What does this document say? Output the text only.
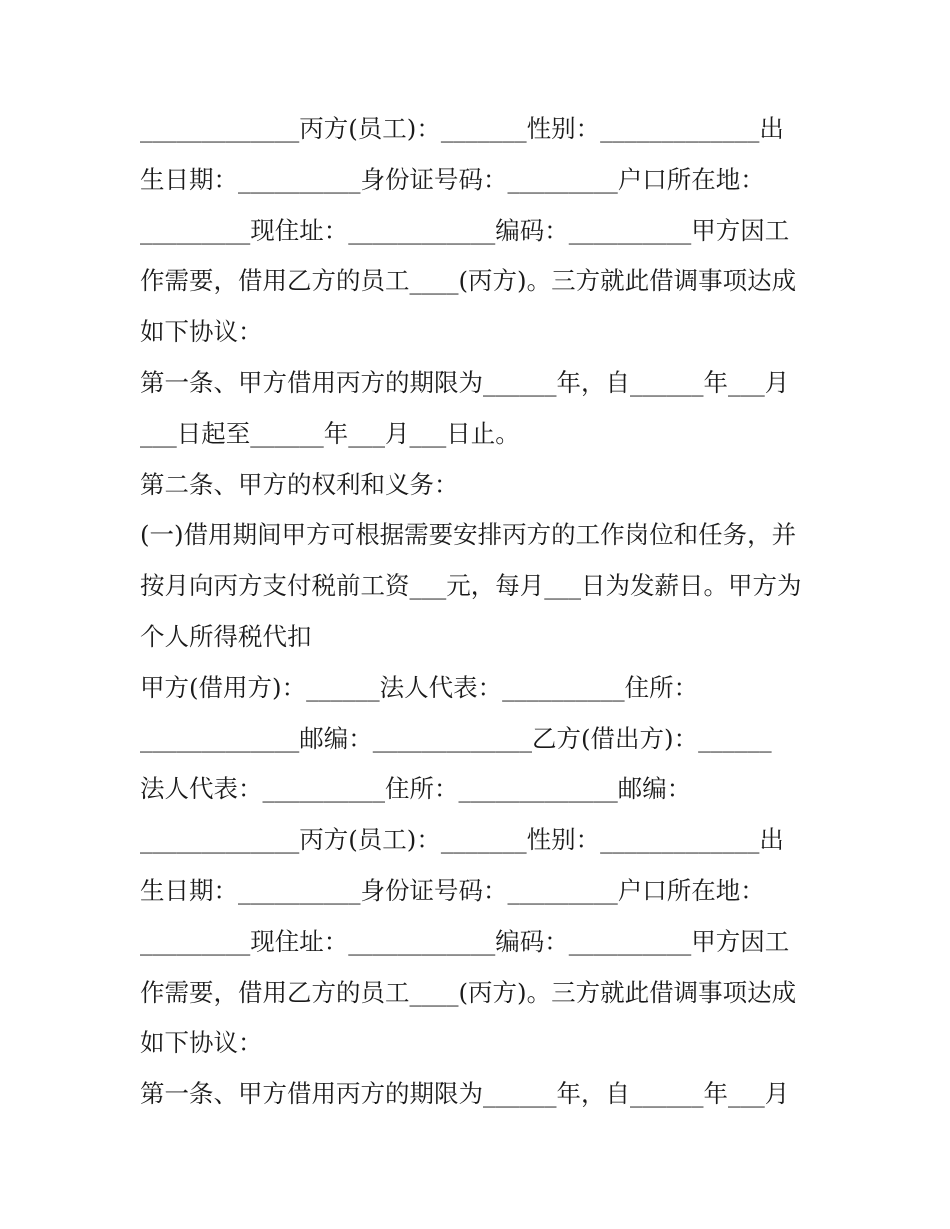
_____________丙方(员工)：_______性别：_____________出
生日期：__________身份证号码：_________户口所在地：
_________现住址：____________编码：__________甲方因工
作需要，借用乙方的员工____(丙方)。三方就此借调事项达成
如下协议：
第一条、甲方借用丙方的期限为______年，自______年___月
___日起至______年___月___日止。
第二条、甲方的权利和义务：
(一)借用期间甲方可根据需要安排丙方的工作岗位和任务，并
按月向丙方支付税前工资___元，每月___日为发薪日。甲方为
个人所得税代扣
甲方(借用方)：______法人代表：__________住所：
_____________邮编：_____________乙方(借出方)：______
法人代表：__________住所：_____________邮编：
_____________丙方(员工)：_______性别：_____________出
生日期：__________身份证号码：_________户口所在地：
_________现住址：____________编码：__________甲方因工
作需要，借用乙方的员工____(丙方)。三方就此借调事项达成
如下协议：
第一条、甲方借用丙方的期限为______年，自______年___月
